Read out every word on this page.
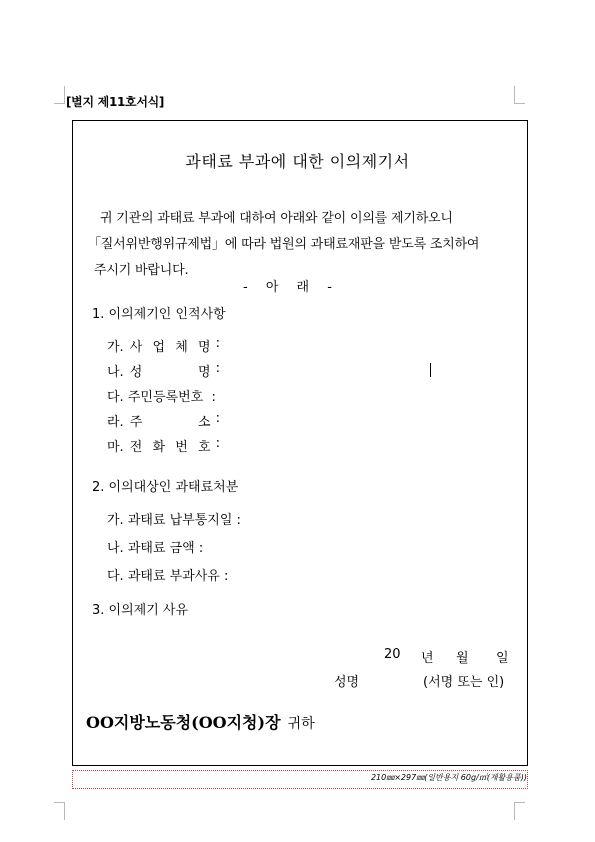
[별지 제11호서식]
과태료 부과에 대한 이의제기서
귀 기관의 과태료 부과에 대하여 아래와 같이 이의를 제기하오니
「질서위반행위규제법」에 따라 법원의 과태료재판을 받도록 조치하여
주시기 바랍니다.
- 아 래 -
1. 이의제기인 인적사항
가. 사 업 체 명 :
나. 성	명 :
다. 주민등록번호  :
라. 주	소 :
마. 전 화 번 호 :
2. 이의대상인 과태료처분
가. 과태료 납부통지일 :
나. 과태료 금액 :
다. 과태료 부과사유 :
3. 이의제기 사유
20 년 월 일
성명	(서명 또는 인)
OO지방노동청(OO지청)장 귀하
210㎜×297㎜(일반용지 60g/㎡(재활용품))
